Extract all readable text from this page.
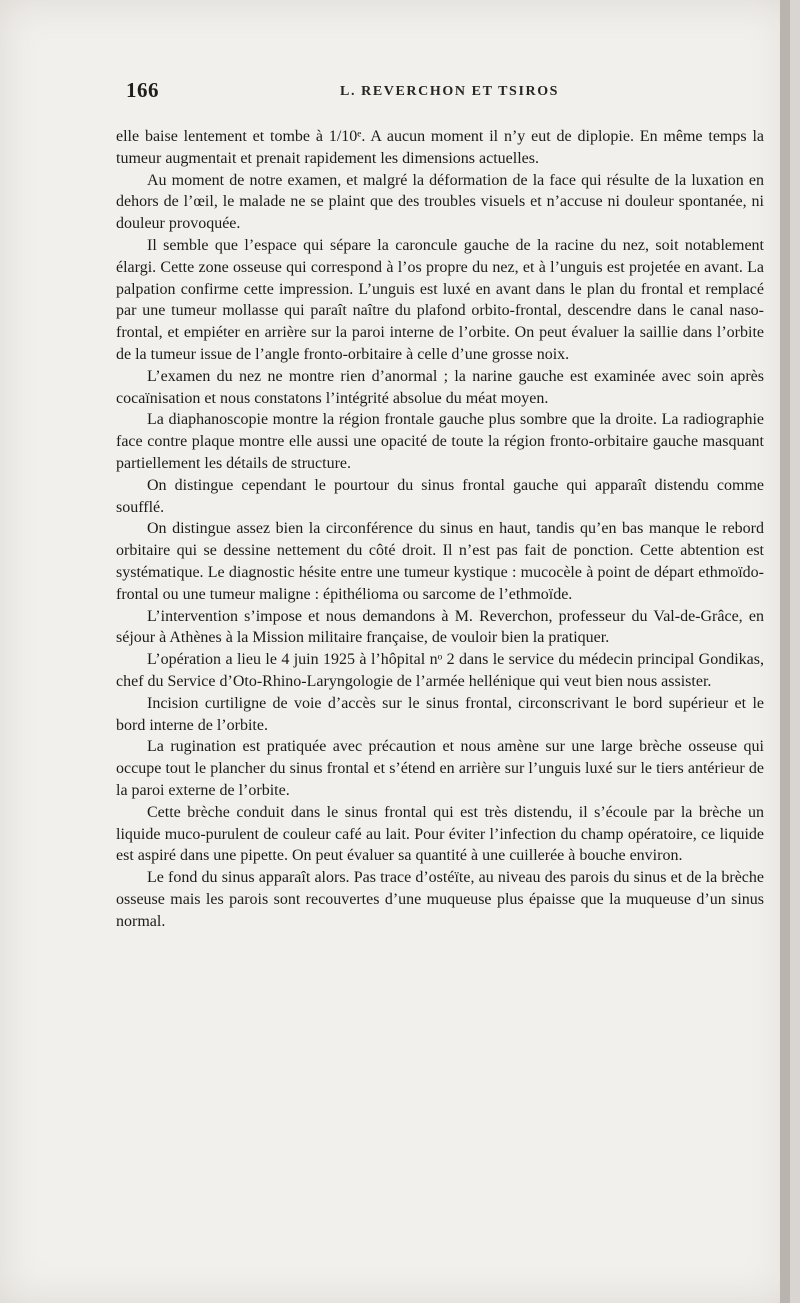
166	L. REVERCHON ET TSIROS

elle baise lentement et tombe à 1/10ᵉ. A aucun moment il n’y eut de diplopie. En même temps la tumeur augmentait et prenait rapidement les dimensions actuelles.

Au moment de notre examen, et malgré la déformation de la face qui résulte de la luxation en dehors de l’œil, le malade ne se plaint que des troubles visuels et n’accuse ni douleur spontanée, ni douleur provoquée.

Il semble que l’espace qui sépare la caroncule gauche de la racine du nez, soit notablement élargi. Cette zone osseuse qui correspond à l’os propre du nez, et à l’unguis est projetée en avant. La palpation confirme cette impression. L’unguis est luxé en avant dans le plan du frontal et remplacé par une tumeur mollasse qui paraît naître du plafond orbito-frontal, descendre dans le canal naso-frontal, et empiéter en arrière sur la paroi interne de l’orbite. On peut évaluer la saillie dans l’orbite de la tumeur issue de l’angle fronto-orbitaire à celle d’une grosse noix.

L’examen du nez ne montre rien d’anormal ; la narine gauche est examinée avec soin après cocaïnisation et nous constatons l’intégrité absolue du méat moyen.

La diaphanoscopie montre la région frontale gauche plus sombre que la droite. La radiographie face contre plaque montre elle aussi une opacité de toute la région fronto-orbitaire gauche masquant partiellement les détails de structure.

On distingue cependant le pourtour du sinus frontal gauche qui apparaît distendu comme soufflé.

On distingue assez bien la circonférence du sinus en haut, tandis qu’en bas manque le rebord orbitaire qui se dessine nettement du côté droit. Il n’est pas fait de ponction. Cette abtention est systématique. Le diagnostic hésite entre une tumeur kystique : mucocèle à point de départ ethmoïdo-frontal ou une tumeur maligne : épithélioma ou sarcome de l’ethmoïde.

L’intervention s’impose et nous demandons à M. Reverchon, professeur du Val-de-Grâce, en séjour à Athènes à la Mission militaire française, de vouloir bien la pratiquer.

L’opération a lieu le 4 juin 1925 à l’hôpital nᵒ 2 dans le service du médecin principal Gondikas, chef du Service d’Oto-Rhino-Laryngologie de l’armée hellénique qui veut bien nous assister.

Incision curtiligne de voie d’accès sur le sinus frontal, circonscrivant le bord supérieur et le bord interne de l’orbite.

La rugination est pratiquée avec précaution et nous amène sur une large brèche osseuse qui occupe tout le plancher du sinus frontal et s’étend en arrière sur l’unguis luxé sur le tiers antérieur de la paroi externe de l’orbite.

Cette brèche conduit dans le sinus frontal qui est très distendu, il s’écoule par la brèche un liquide muco-purulent de couleur café au lait. Pour éviter l’infection du champ opératoire, ce liquide est aspiré dans une pipette. On peut évaluer sa quantité à une cuillerée à bouche environ.

Le fond du sinus apparaît alors. Pas trace d’ostéïte, au niveau des parois du sinus et de la brèche osseuse mais les parois sont recouvertes d’une muqueuse plus épaisse que la muqueuse d’un sinus normal.
